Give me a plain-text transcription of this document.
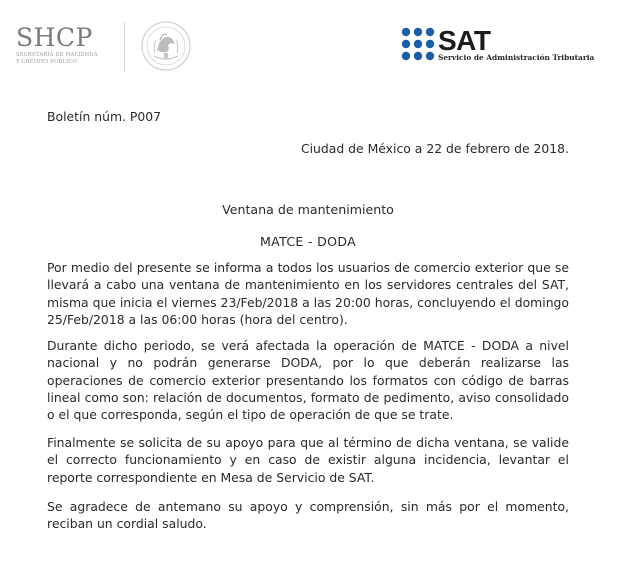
SHCP
SECRETARÍA DE HACIENDA
Y CRÉDITO PÚBLICO
SAT
Servicio de Administración Tributaria
Boletín núm. P007
Ciudad de México a 22 de febrero de 2018.
Ventana de mantenimiento
MATCE - DODA

Por medio del presente se informa a todos los usuarios de comercio exterior que se llevará a cabo una ventana de mantenimiento en los servidores centrales del SAT, misma que inicia el viernes 23/Feb/2018 a las 20:00 horas, concluyendo el domingo 25/Feb/2018 a las 06:00 horas (hora del centro).

Durante dicho periodo, se verá afectada la operación de MATCE - DODA a nivel nacional y no podrán generarse DODA, por lo que deberán realizarse las operaciones de comercio exterior presentando los formatos con código de barras lineal como son: relación de documentos, formato de pedimento, aviso consolidado o el que corresponda, según el tipo de operación de que se trate.

Finalmente se solicita de su apoyo para que al término de dicha ventana, se valide el correcto funcionamiento y en caso de existir alguna incidencia, levantar el reporte correspondiente en Mesa de Servicio de SAT.

Se agradece de antemano su apoyo y comprensión, sin más por el momento, reciban un cordial saludo.
